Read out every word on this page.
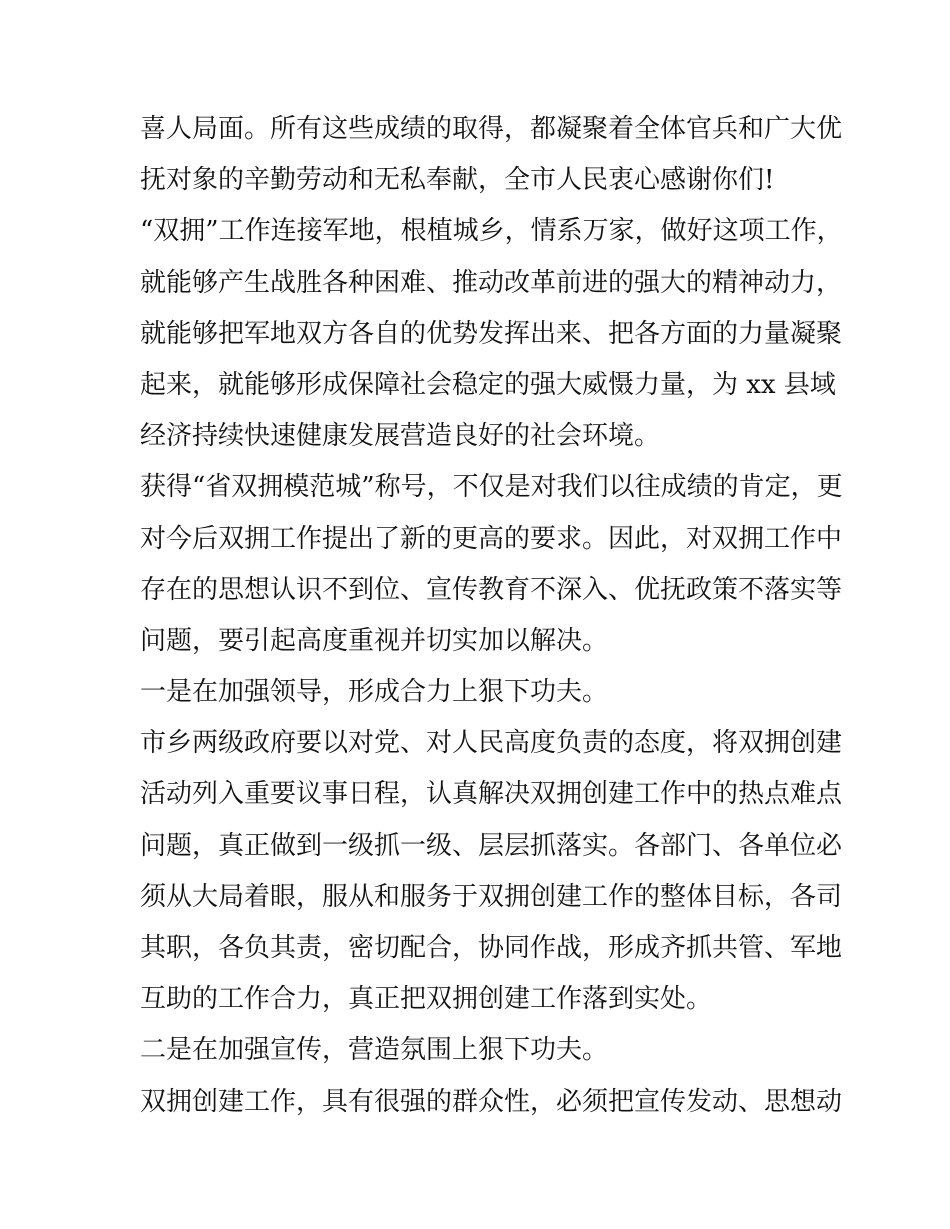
喜人局面。所有这些成绩的取得，都凝聚着全体官兵和广大优
抚对象的辛勤劳动和无私奉献，全市人民衷心感谢你们!
“双拥”工作连接军地，根植城乡，情系万家，做好这项工作，
就能够产生战胜各种困难、推动改革前进的强大的精神动力，
就能够把军地双方各自的优势发挥出来、把各方面的力量凝聚
起来，就能够形成保障社会稳定的强大威慑力量，为 xx 县域
经济持续快速健康发展营造良好的社会环境。
获得“省双拥模范城”称号，不仅是对我们以往成绩的肯定，更
对今后双拥工作提出了新的更高的要求。因此，对双拥工作中
存在的思想认识不到位、宣传教育不深入、优抚政策不落实等
问题，要引起高度重视并切实加以解决。
一是在加强领导，形成合力上狠下功夫。
市乡两级政府要以对党、对人民高度负责的态度，将双拥创建
活动列入重要议事日程，认真解决双拥创建工作中的热点难点
问题，真正做到一级抓一级、层层抓落实。各部门、各单位必
须从大局着眼，服从和服务于双拥创建工作的整体目标，各司
其职，各负其责，密切配合，协同作战，形成齐抓共管、军地
互助的工作合力，真正把双拥创建工作落到实处。
二是在加强宣传，营造氛围上狠下功夫。
双拥创建工作，具有很强的群众性，必须把宣传发动、思想动
